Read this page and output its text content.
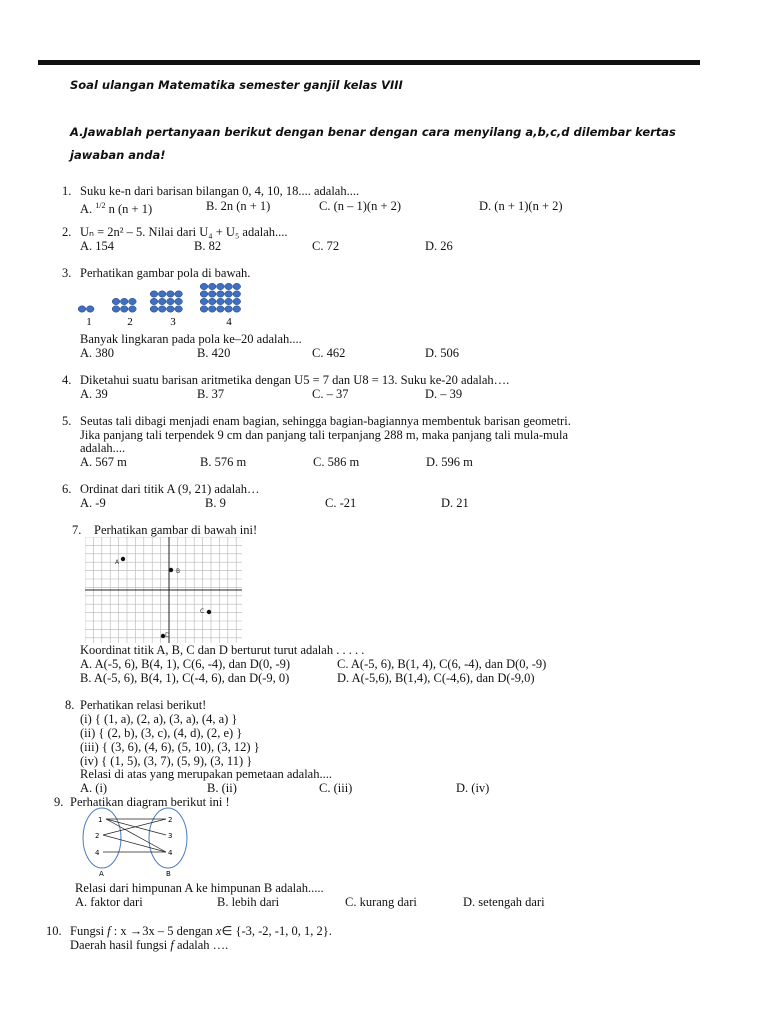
Soal ulangan Matematika semester ganjil kelas VIII
A.Jawablah pertanyaan berikut dengan benar dengan cara menyilang a,b,c,d dilembar kertas
jawaban anda!
1. Suku ke-n dari barisan bilangan 0, 4, 10, 18.... adalah....
A. $^{1/2}$ n (n + 1)	B. 2n (n + 1)	C. (n – 1)(n + 2)	D. (n + 1)(n + 2)
2. Uₙ = 2n² – 5. Nilai dari U₄ + U₅ adalah....
A. 154	B. 82	C. 72	D. 26
3. Perhatikan gambar pola di bawah.
1	2	3	4
Banyak lingkaran pada pola ke–20 adalah....
A. 380	B. 420	C. 462	D. 506
4. Diketahui suatu barisan aritmetika dengan U5 = 7 dan U8 = 13. Suku ke-20 adalah….
A. 39	B. 37	C. – 37	D. – 39
5. Seutas tali dibagi menjadi enam bagian, sehingga bagian-bagiannya membentuk barisan geometri.
Jika panjang tali terpendek 9 cm dan panjang tali terpanjang 288 m, maka panjang tali mula-mula
adalah....
A. 567 m	B. 576 m	C. 586 m	D. 596 m
6. Ordinat dari titik A (9, 21) adalah…
A. -9	B. 9	C. -21	D. 21
7. Perhatikan gambar di bawah ini!
A
B
C
D
Koordinat titik A, B, C dan D berturut turut adalah . . . . .
A. A(-5, 6), B(4, 1), C(6, -4), dan D(0, -9)	C. A(-5, 6), B(1, 4), C(6, -4), dan D(0, -9)
B. A(-5, 6), B(4, 1), C(-4, 6), dan D(-9, 0)	D. A(-5,6), B(1,4), C(-4,6), dan D(-9,0)
8. Perhatikan relasi berikut!
(i) { (1, a), (2, a), (3, a), (4, a) }
(ii) { (2, b), (3, c), (4, d), (2, e) }
(iii) { (3, 6), (4, 6), (5, 10), (3, 12) }
(iv) { (1, 5), (3, 7), (5, 9), (3, 11) }
Relasi di atas yang merupakan pemetaan adalah....
A. (i)	B. (ii)	C. (iii)	D. (iv)
9. Perhatikan diagram berikut ini !
1
2
4
2
3
4
A	B
Relasi dari himpunan A ke himpunan B adalah.....
A. faktor dari	B. lebih dari	C. kurang dari	D. setengah dari
10. Fungsi f : x →3x – 5 dengan x∈ {-3, -2, -1, 0, 1, 2}.
Daerah hasil fungsi f adalah ….
